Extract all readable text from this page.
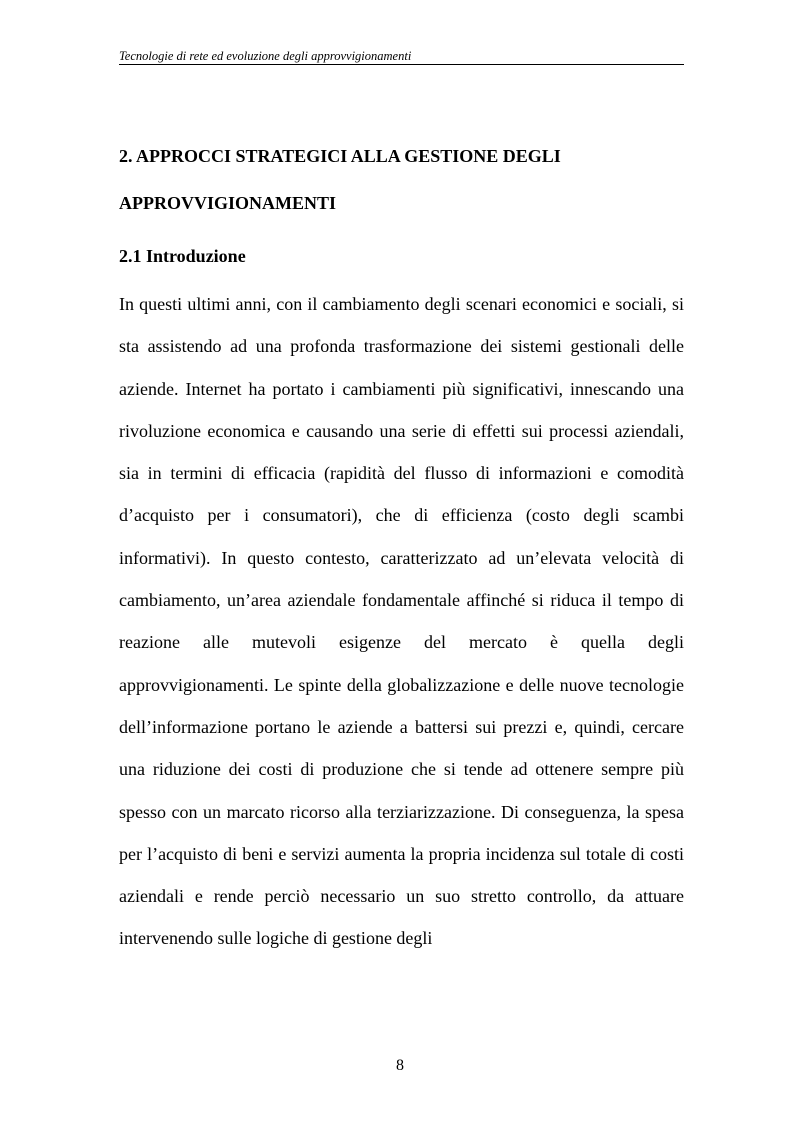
Tecnologie di rete ed evoluzione degli approvvigionamenti
2. APPROCCI STRATEGICI ALLA GESTIONE DEGLI APPROVVIGIONAMENTI
2.1 Introduzione

In questi ultimi anni, con il cambiamento degli scenari economici e sociali, si sta assistendo ad una profonda trasformazione dei sistemi gestionali delle aziende. Internet ha portato i cambiamenti più significativi, innescando una rivoluzione economica e causando una serie di effetti sui processi aziendali, sia in termini di efficacia (rapidità del flusso di informazioni e comodità d’acquisto per i consumatori), che di efficienza (costo degli scambi informativi). In questo contesto, caratterizzato ad un’elevata velocità di cambiamento, un’area aziendale fondamentale affinché si riduca il tempo di reazione alle mutevoli esigenze del mercato è quella degli approvvigionamenti. Le spinte della globalizzazione e delle nuove tecnologie dell’informazione portano le aziende a battersi sui prezzi e, quindi, cercare una riduzione dei costi di produzione che si tende ad ottenere sempre più spesso con un marcato ricorso alla terziarizzazione. Di conseguenza, la spesa per l’acquisto di beni e servizi aumenta la propria incidenza sul totale di costi aziendali e rende perciò necessario un suo stretto controllo, da attuare intervenendo sulle logiche di gestione degli

8
